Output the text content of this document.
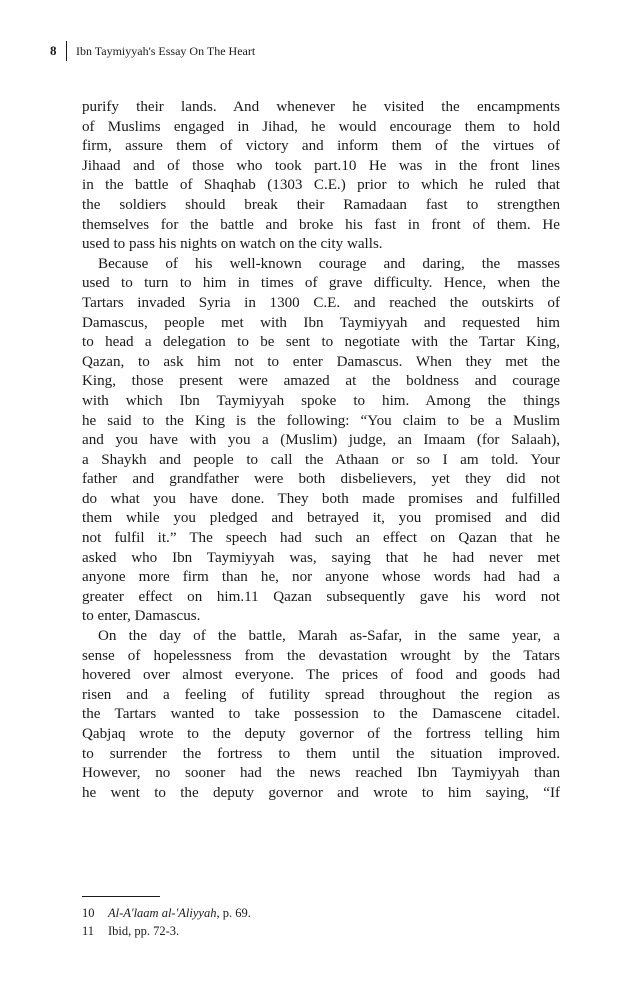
8 Ibn Taymiyyah's Essay On The Heart
purify their lands. And whenever he visited the encampments
of Muslims engaged in Jihad, he would encourage them to hold
firm, assure them of victory and inform them of the virtues of
Jihaad and of those who took part.10 He was in the front lines
in the battle of Shaqhab (1303 C.E.) prior to which he ruled that
the soldiers should break their Ramadaan fast to strengthen
themselves for the battle and broke his fast in front of them. He
used to pass his nights on watch on the city walls.
Because of his well-known courage and daring, the masses
used to turn to him in times of grave difficulty. Hence, when the
Tartars invaded Syria in 1300 C.E. and reached the outskirts of
Damascus, people met with Ibn Taymiyyah and requested him
to head a delegation to be sent to negotiate with the Tartar King,
Qazan, to ask him not to enter Damascus. When they met the
King, those present were amazed at the boldness and courage
with which Ibn Taymiyyah spoke to him. Among the things
he said to the King is the following: “You claim to be a Muslim
and you have with you a (Muslim) judge, an Imaam (for Salaah),
a Shaykh and people to call the Athaan or so I am told. Your
father and grandfather were both disbelievers, yet they did not
do what you have done. They both made promises and fulfilled
them while you pledged and betrayed it, you promised and did
not fulfil it.” The speech had such an effect on Qazan that he
asked who Ibn Taymiyyah was, saying that he had never met
anyone more firm than he, nor anyone whose words had had a
greater effect on him.11 Qazan subsequently gave his word not
to enter, Damascus.
On the day of the battle, Marah as-Safar, in the same year, a
sense of hopelessness from the devastation wrought by the Tatars
hovered over almost everyone. The prices of food and goods had
risen and a feeling of futility spread throughout the region as
the Tartars wanted to take possession to the Damascene citadel.
Qabjaq wrote to the deputy governor of the fortress telling him
to surrender the fortress to them until the situation improved.
However, no sooner had the news reached Ibn Taymiyyah than
he went to the deputy governor and wrote to him saying, “If
10	Al-A'laam al-'Aliyyah, p. 69.
11	Ibid, pp. 72-3.
